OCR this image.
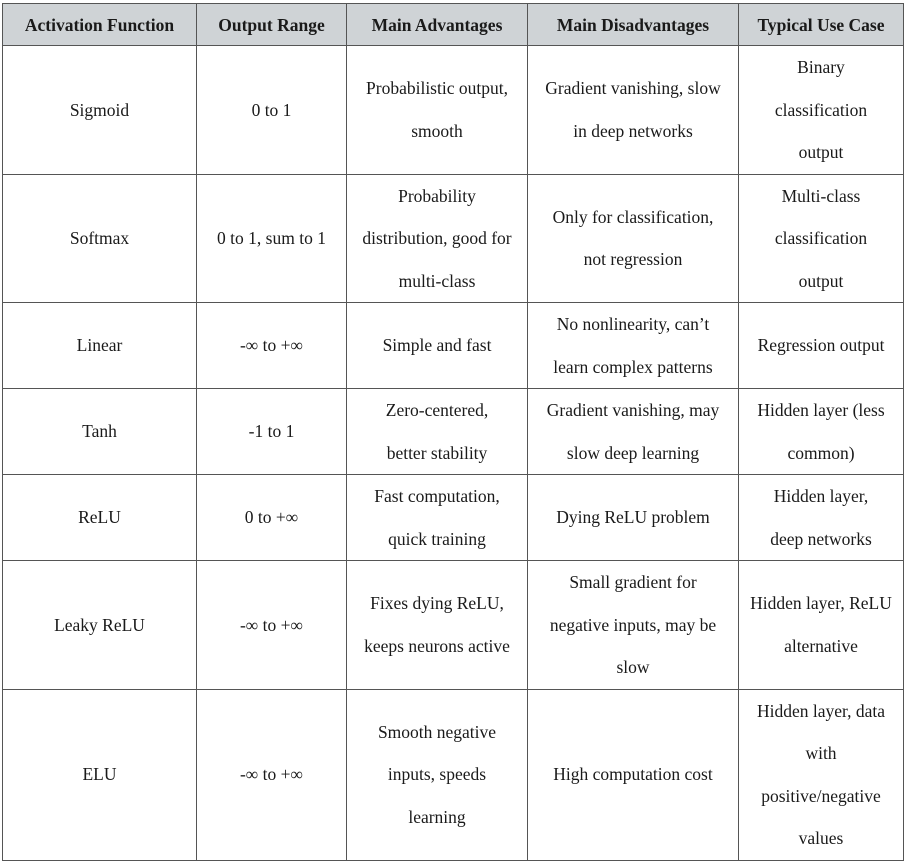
Activation Function	Output Range	Main Advantages	Main Disadvantages	Typical Use Case
Sigmoid	0 to 1	Probabilistic output, smooth	Gradient vanishing, slow in deep networks	Binary classification output
Softmax	0 to 1, sum to 1	Probability distribution, good for multi-class	Only for classification, not regression	Multi-class classification output
Linear	-∞ to +∞	Simple and fast	No nonlinearity, can’t learn complex patterns	Regression output
Tanh	-1 to 1	Zero-centered, better stability	Gradient vanishing, may slow deep learning	Hidden layer (less common)
ReLU	0 to +∞	Fast computation, quick training	Dying ReLU problem	Hidden layer, deep networks
Leaky ReLU	-∞ to +∞	Fixes dying ReLU, keeps neurons active	Small gradient for negative inputs, may be slow	Hidden layer, ReLU alternative
ELU	-∞ to +∞	Smooth negative inputs, speeds learning	High computation cost	Hidden layer, data with positive/negative values
